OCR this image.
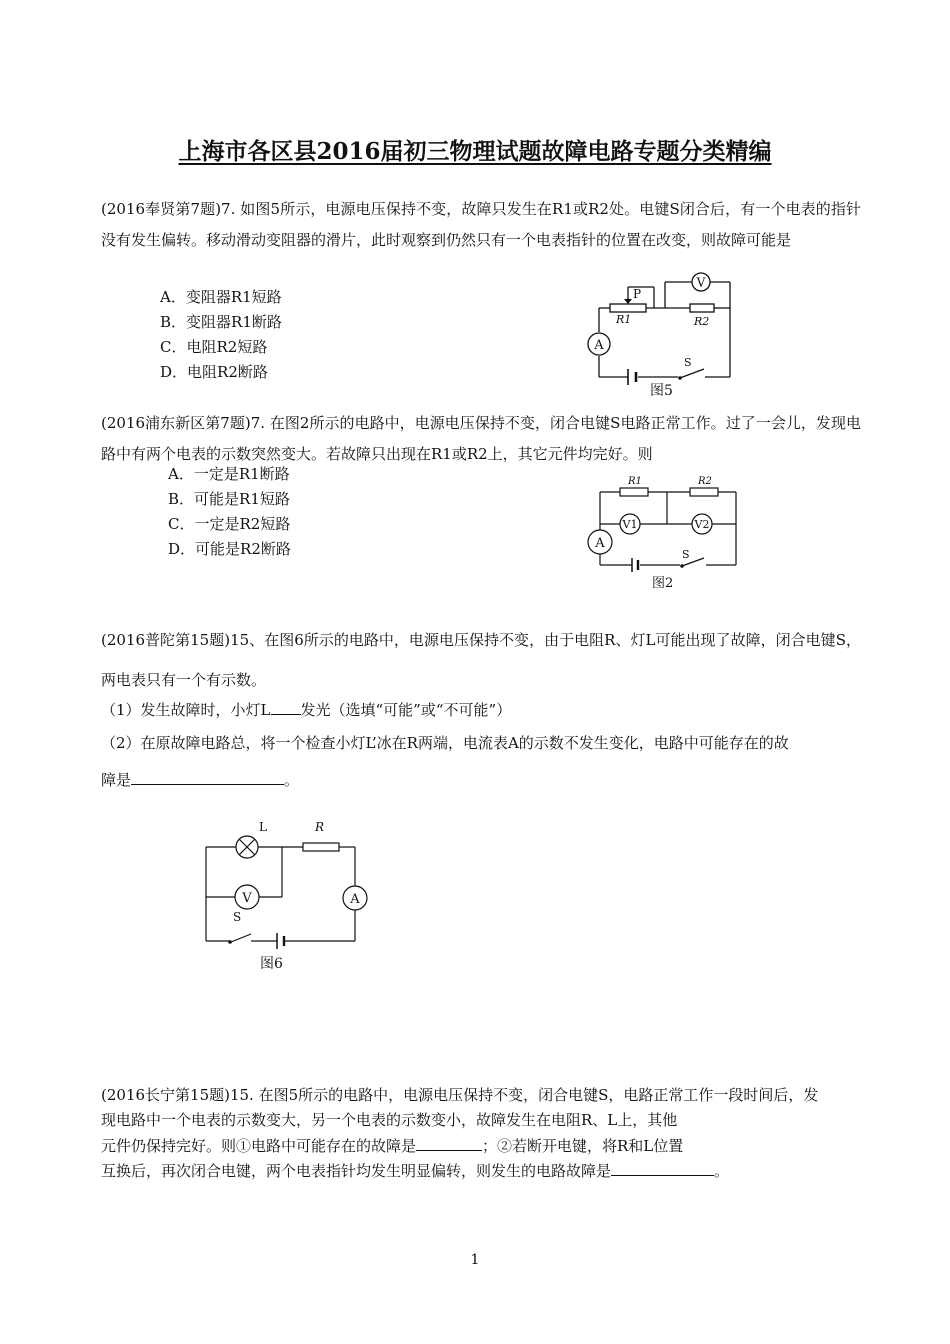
上海市各区县2016届初三物理试题故障电路专题分类精编
(2016奉贤第7题)7. 如图5所示，电源电压保持不变，故障只发生在R1或R2处。电键S闭合后，有一个电表的指针没有发生偏转。移动滑动变阻器的滑片，此时观察到仍然只有一个电表指针的位置在改变，则故障可能是
A．变阻器R1短路
B．变阻器R1断路
C．电阻R2短路
D．电阻R2断路
V
A
P
R1	R2
S
图5
(2016浦东新区第7题)7. 在图2所示的电路中，电源电压保持不变，闭合电键S电路正常工作。过了一会儿，发现电路中有两个电表的示数突然变大。若故障只出现在R1或R2上，其它元件均完好。则
A．一定是R1断路
B．可能是R1短路
C．一定是R2短路
D．可能是R2断路
R1	R2
V1	V2
A
S
图2
(2016普陀第15题)15、在图6所示的电路中，电源电压保持不变，由于电阻R、灯L可能出现了故障，闭合电键S，两电表只有一个有示数。
（1）发生故障时，小灯L 发光（选填“可能”或“不可能”）
（2）在原故障电路总，将一个检查小灯L’冰在R两端，电流表A的示数不发生变化，电路中可能存在的故
障是	。
L	R
V	A
S
图6
(2016长宁第15题)15. 在图5所示的电路中，电源电压保持不变，闭合电键S，电路正常工作一段时间后，发
现电路中一个电表的示数变大，另一个电表的示数变小，故障发生在电阻R、L上，其他
元件仍保持完好。则①电路中可能存在的故障是	；②若断开电键，将R和L位置
互换后，再次闭合电键，两个电表指针均发生明显偏转，则发生的电路故障是	。
1
